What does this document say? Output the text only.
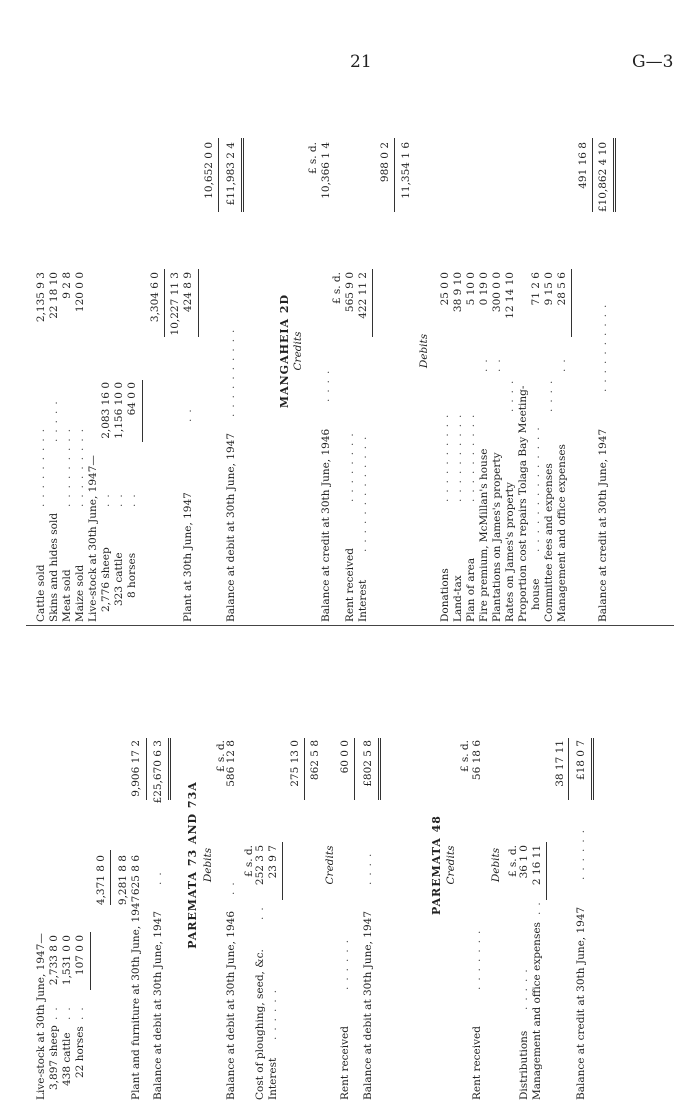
21	G—3
Live-stock at 30th June, 1947— 3,897 sheep
..
2,733 8 0
438 cattle
..
1,531 0 0
22 horses
..
107 0 0
4,371 8 0 9,281 8 8
Plant and furniture at 30th June, 1947
625 8 6
9,906 17 2
Balance at debit at 30th June, 1947
..
£25,670 6 3
PAREMATA 73 AND 73A Debits
£ s. d.
Balance at debit at 30th June, 1946
..
586 12 8
£ s. d.
Cost of ploughing, seed, &c.
..
252 3 5
Interest
......
23 9 7
275 13 0 862 5 8
Credits
Rent received
......
60 0 0
Balance at debit at 30th June, 1947
....
£802 5 8
PAREMATA 48 Credits
£ s. d.
Rent received
.......
56 18 6
Debits £ s. d.
Distributions
.....
36 1 0
Management and office expenses
..
2 16 11
38 17 11
Balance at credit at 30th June, 1947
......
£18 0 7
Cattle sold
.........
2,135 9 3
Skins and hides sold
.....
22 18 10
Meat sold
.........
9 2 8
Maize sold
.........
120 0 0
Live-stock at 30th June, 1947— 2,776 sheep
..
2,083 16 0
323 cattle
..
1,156 10 0
8 horses
..
64 0 0
3,304 6 0 10,227 11 3
Plant at 30th June, 1947
..
424 8 9
10,652 0 0
Balance at debit at 30th June, 1947
..........
£11,983 2 4
MANGAHEIA 2D Credits
£ s. d.
Balance at credit at 30th June, 1946
....
10,366 1 4
£ s. d.
Rent received
........
565 9 0
Interest
.............
422 11 2
988 0 2 11,354 1 6
Debits
Donations
..........
25 0 0
Land-tax
..........
38 9 10
Plan of area
..........
5 10 0
Fire premium, McMillan's house
..
0 19 0
Plantations on James's property
..
300 0 0
Rates on James's property
....
12 14 10
Proportion cost repairs Tolaga Bay Meeting- house
..............
71 2 6
Committee fees and expenses
....
9 15 0
Management and office expenses
..
28 5 6
491 16 8
Balance at credit at 30th June, 1947
..........
£10,862 4 10
